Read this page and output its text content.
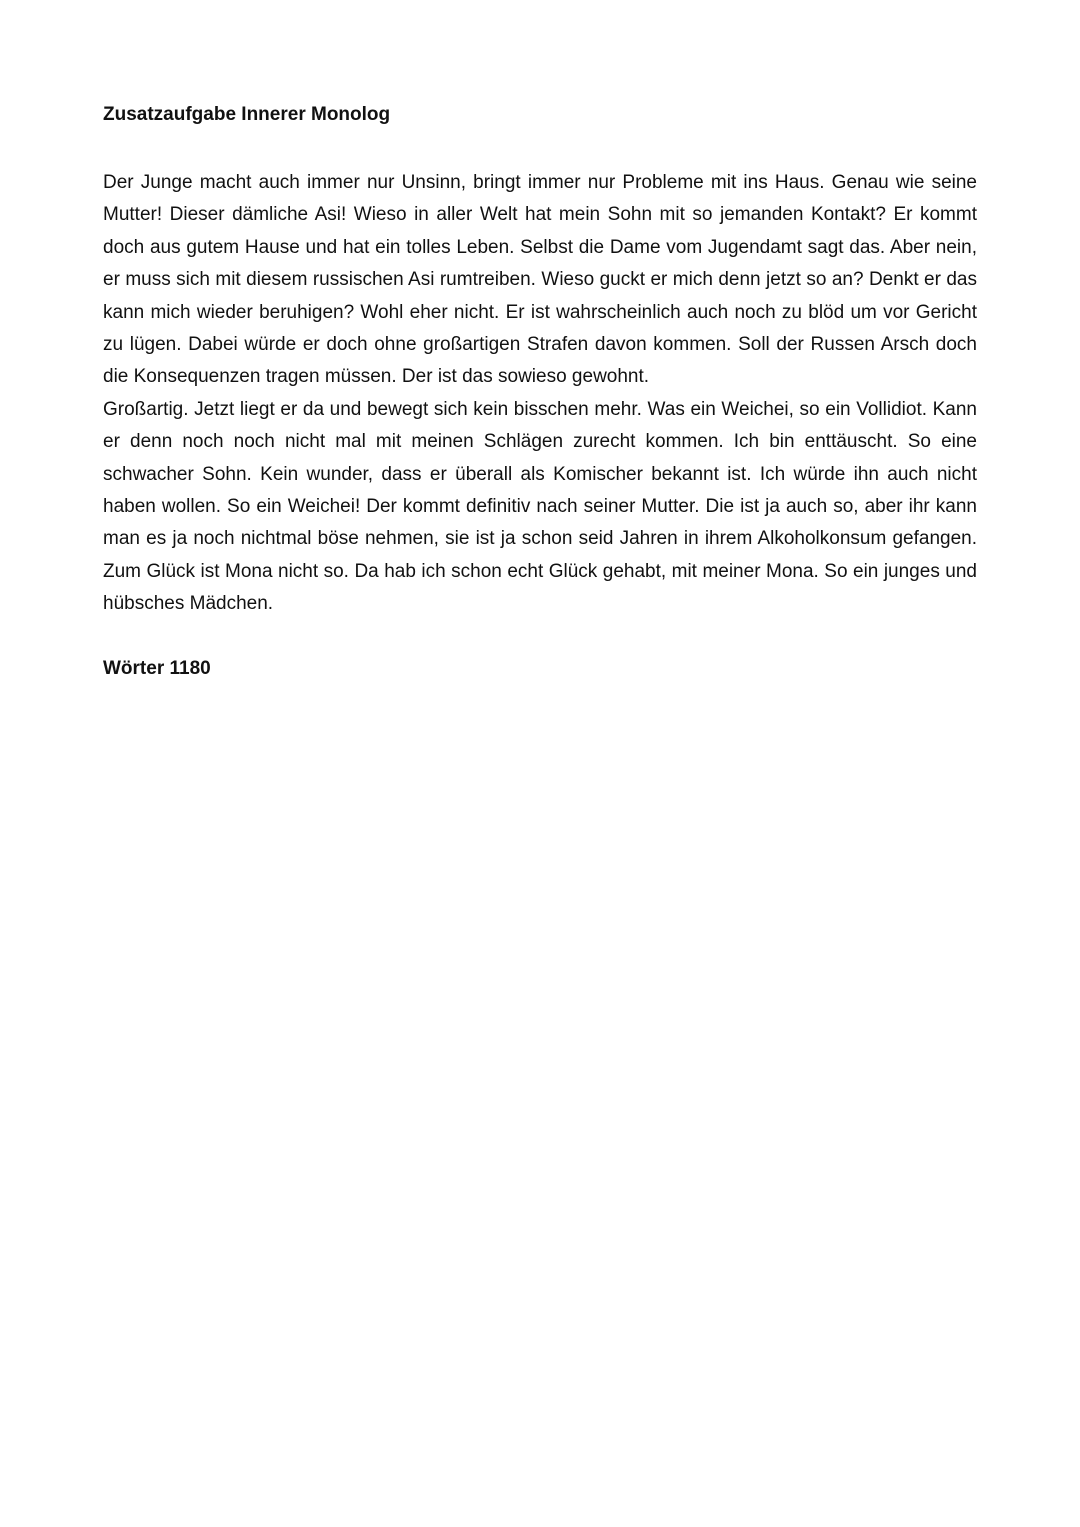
Zusatzaufgabe Innerer Monolog

Der Junge macht auch immer nur Unsinn, bringt immer nur Probleme mit ins Haus. Genau wie seine Mutter! Dieser dämliche Asi! Wieso in aller Welt hat mein Sohn mit so jemanden Kontakt? Er kommt doch aus gutem Hause und hat ein tolles Leben. Selbst die Dame vom Jugendamt sagt das. Aber nein, er muss sich mit diesem russischen Asi rumtreiben. Wieso guckt er mich denn jetzt so an? Denkt er das kann mich wieder beruhigen? Wohl eher nicht. Er ist wahrscheinlich auch noch zu blöd um vor Gericht zu lügen. Dabei würde er doch ohne großartigen Strafen davon kommen. Soll der Russen Arsch doch die Konsequenzen tragen müssen. Der ist das sowieso gewohnt.

Großartig. Jetzt liegt er da und bewegt sich kein bisschen mehr. Was ein Weichei, so ein Vollidiot. Kann er denn noch noch nicht mal mit meinen Schlägen zurecht kommen. Ich bin enttäuscht. So eine schwacher Sohn. Kein wunder, dass er überall als Komischer bekannt ist. Ich würde ihn auch nicht haben wollen. So ein Weichei! Der kommt definitiv nach seiner Mutter. Die ist ja auch so, aber ihr kann man es ja noch nichtmal böse nehmen, sie ist ja schon seid Jahren in ihrem Alkoholkonsum gefangen. Zum Glück ist Mona nicht so. Da hab ich schon echt Glück gehabt, mit meiner Mona. So ein junges und hübsches Mädchen.

Wörter 1180
